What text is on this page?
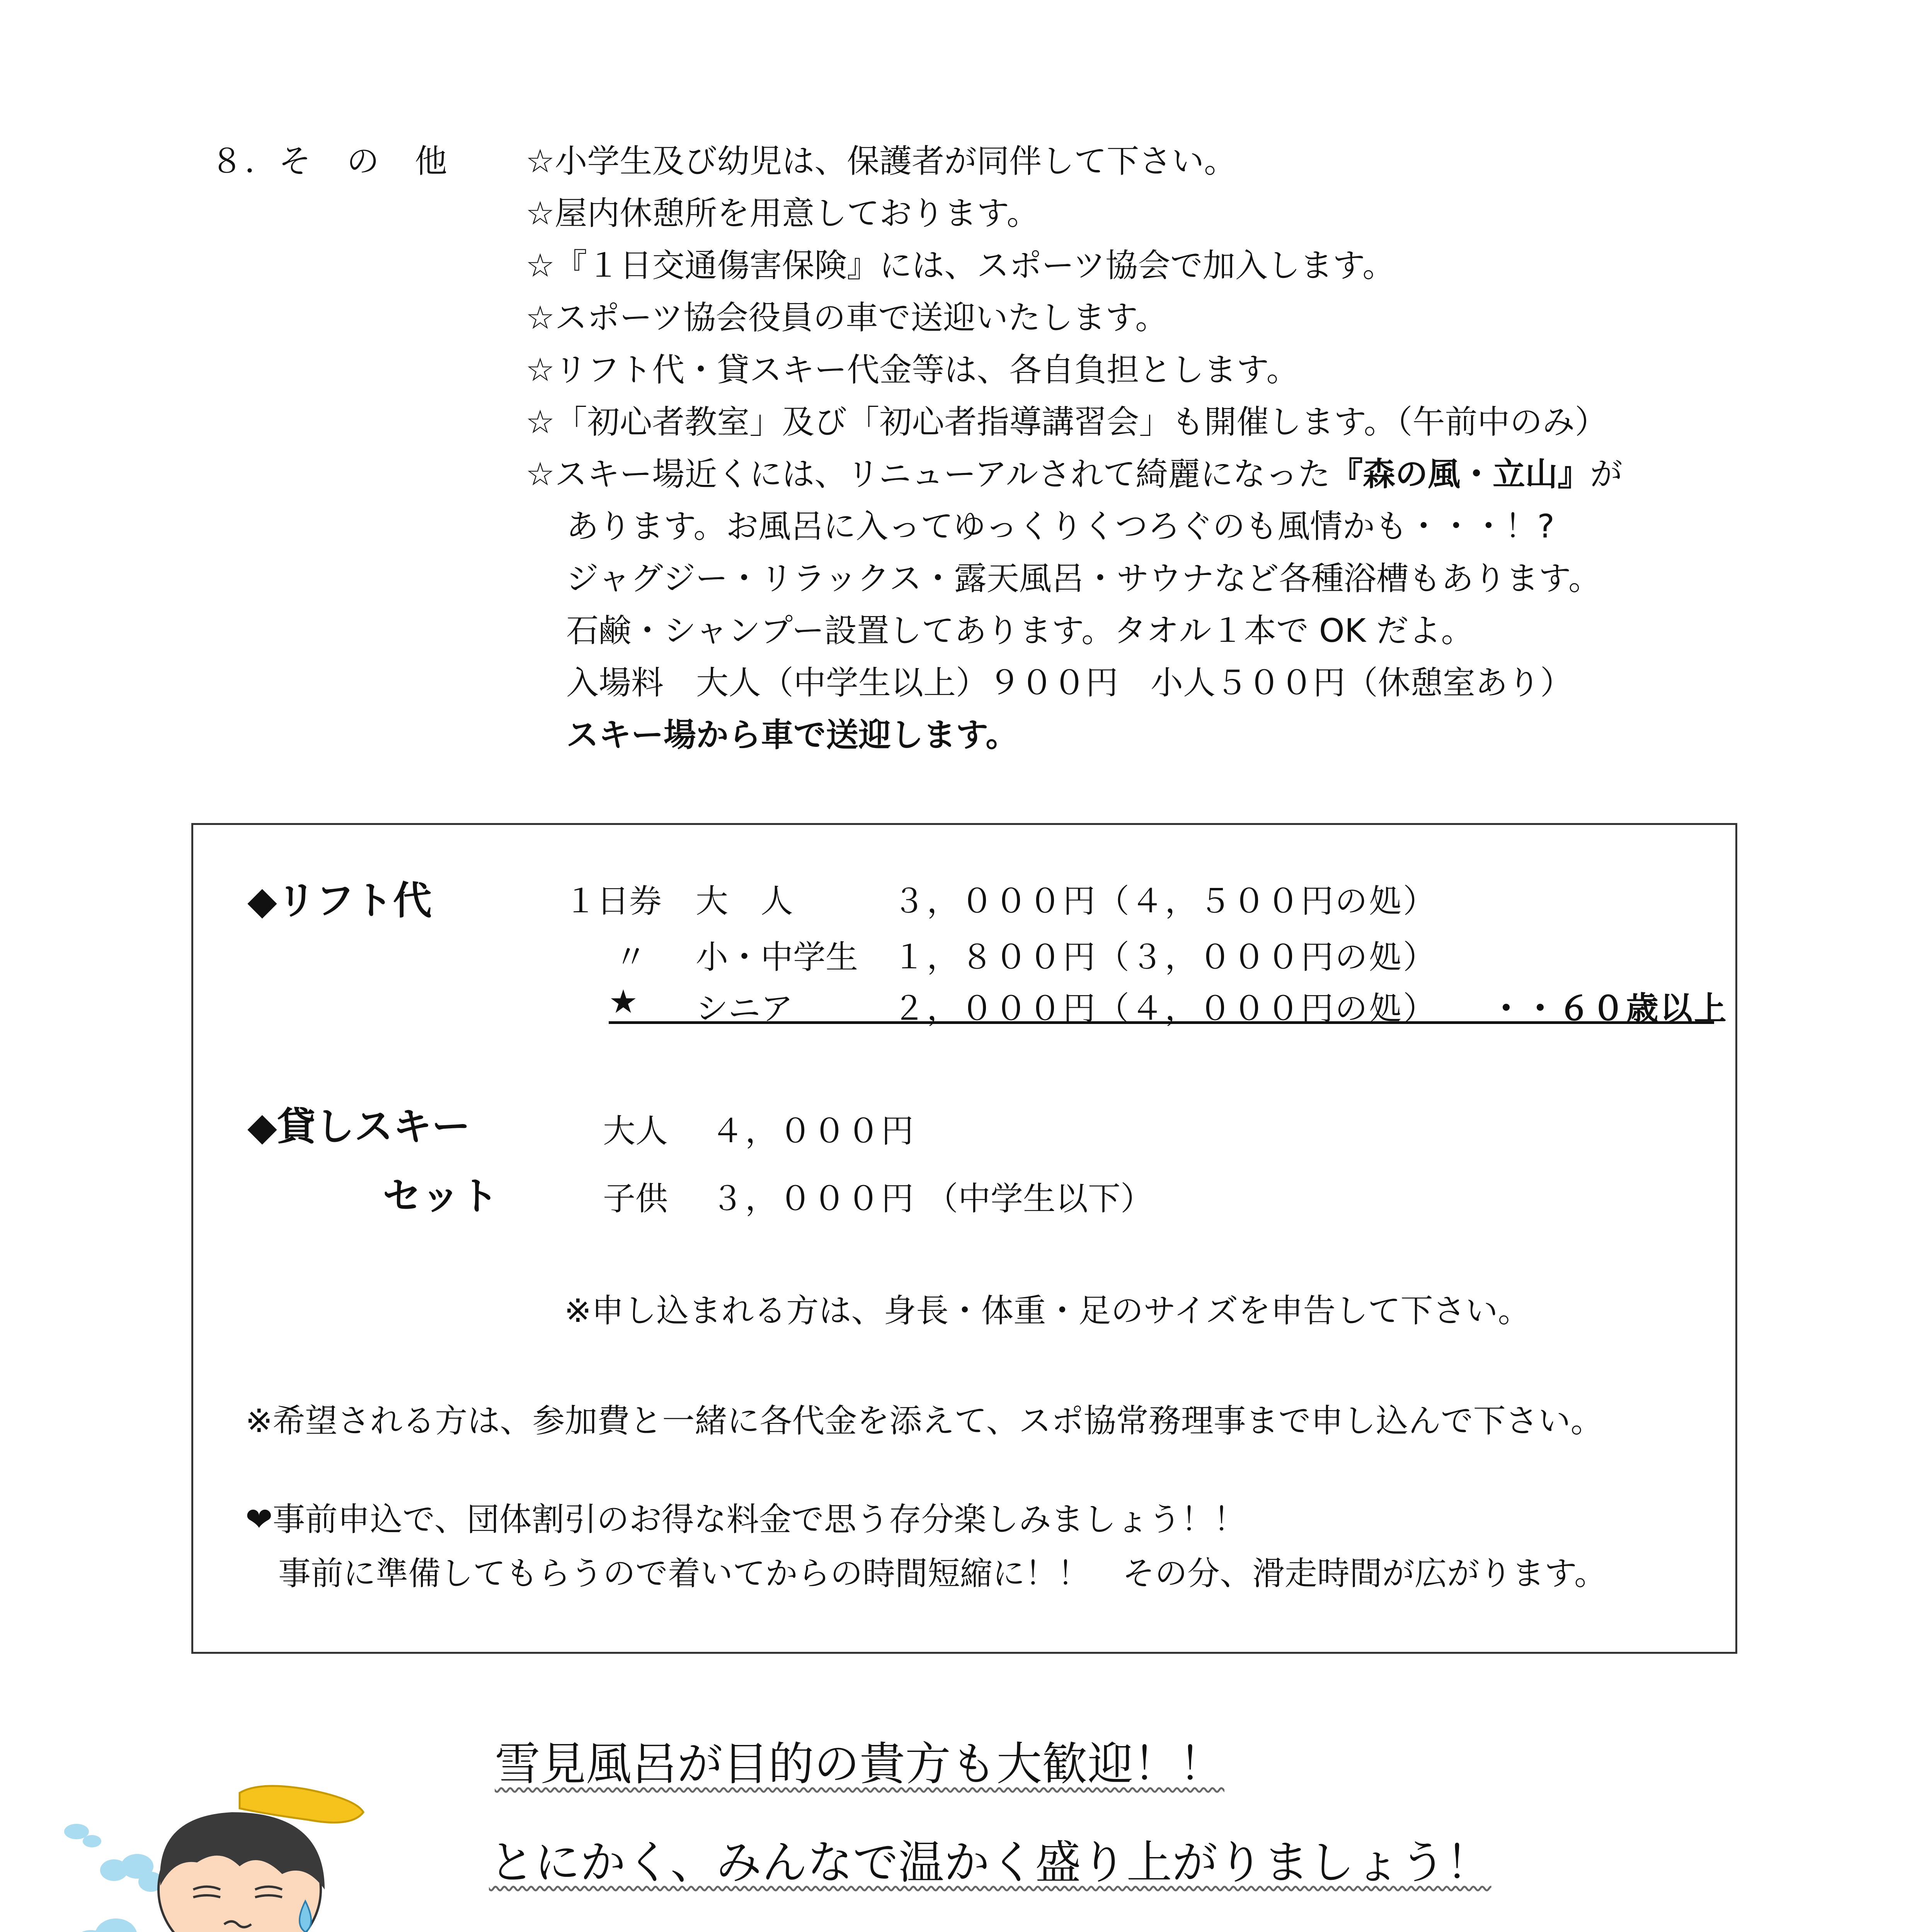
８．そ　の　他 ☆小学生及び幼児は、保護者が同伴して下さい。
☆屋内休憩所を用意しております。
☆『１日交通傷害保険』には、スポーツ協会で加入します。
☆スポーツ協会役員の車で送迎いたします。
☆リフト代・貸スキー代金等は、各自負担とします。
☆「初心者教室」及び「初心者指導講習会」も開催します。（午前中のみ）
☆スキー場近くには、リニューアルされて綺麗になった『森の風・立山』が
あります。お風呂に入ってゆっくりくつろぐのも風情かも・・・！?
ジャグジー・リラックス・露天風呂・サウナなど各種浴槽もあります。
石鹸・シャンプー設置してあります。タオル１本で OK だよ。
入場料　大人（中学生以上）９００円　小人５００円（休憩室あり）
スキー場から車で送迎します。
◆リフト代	１日券 大　人	３，０００円（４，５００円の処）
〃 小・中学生 １，８００円（３，０００円の処）
★ シニア	２，０００円（４，０００円の処） ・・６０歳以上
◆貸しスキー
セット
大人 ４，０００円
子供 ３，０００円 （中学生以下）
※申し込まれる方は、身長・体重・足のサイズを申告して下さい。
※希望される方は、参加費と一緒に各代金を添えて、スポ協常務理事まで申し込んで下さい。
❤事前申込で、団体割引のお得な料金で思う存分楽しみましょう！！
事前に準備してもらうので着いてからの時間短縮に！！　その分、滑走時間が広がります。
雪見風呂が目的の貴方も大歓迎！！
とにかく、みんなで温かく盛り上がりましょう！
